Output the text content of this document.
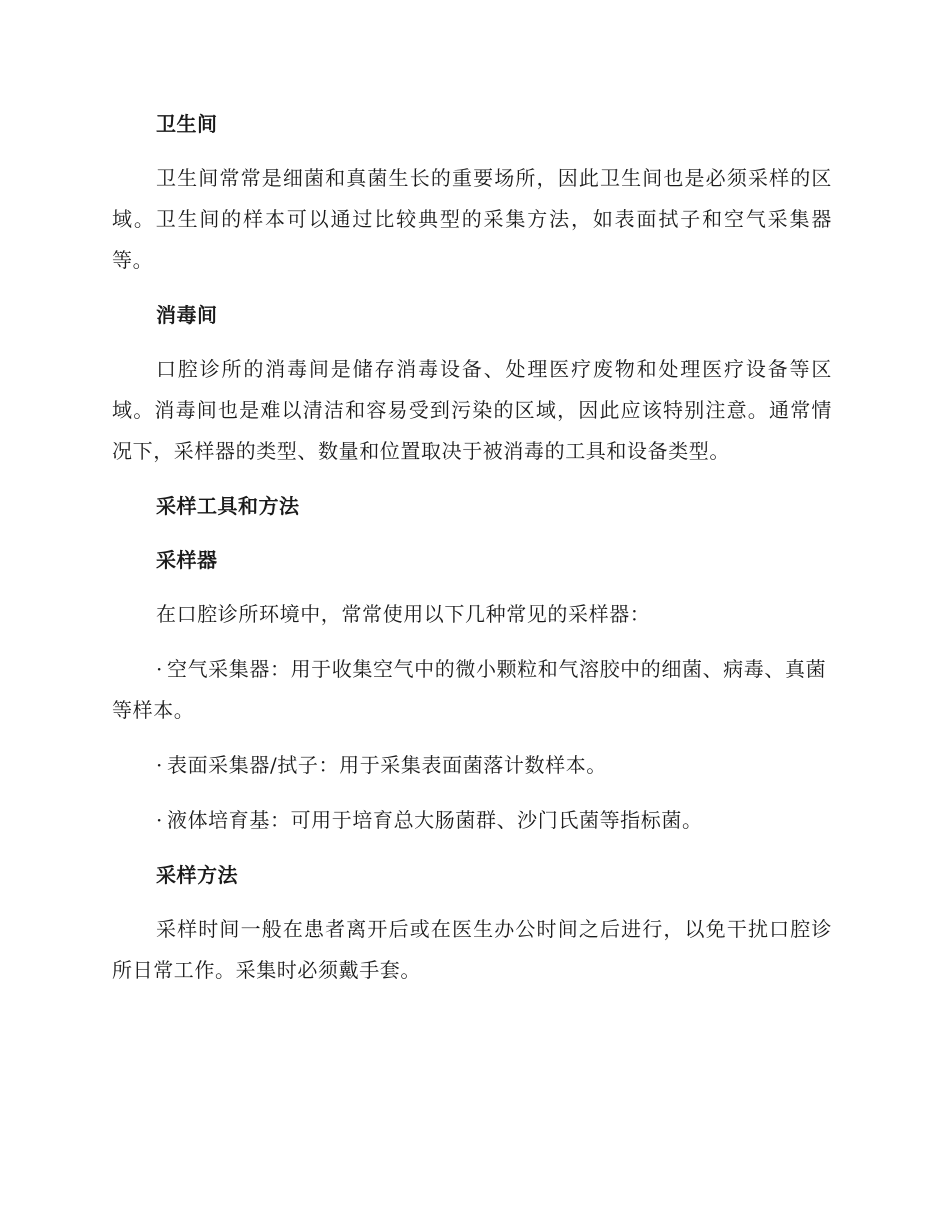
卫生间
卫生间常常是细菌和真菌生长的重要场所，因此卫生间也是必须采样的区域。卫生间的样本可以通过比较典型的采集方法，如表面拭子和空气采集器等。
消毒间
口腔诊所的消毒间是储存消毒设备、处理医疗废物和处理医疗设备等区域。消毒间也是难以清洁和容易受到污染的区域，因此应该特别注意。通常情况下，采样器的类型、数量和位置取决于被消毒的工具和设备类型。
采样工具和方法
采样器
在口腔诊所环境中，常常使用以下几种常见的采样器：
· 空气采集器：用于收集空气中的微小颗粒和气溶胶中的细菌、病毒、真菌等样本。
· 表面采集器/拭子：用于采集表面菌落计数样本。
· 液体培育基：可用于培育总大肠菌群、沙门氏菌等指标菌。
采样方法
采样时间一般在患者离开后或在医生办公时间之后进行，以免干扰口腔诊所日常工作。采集时必须戴手套。
